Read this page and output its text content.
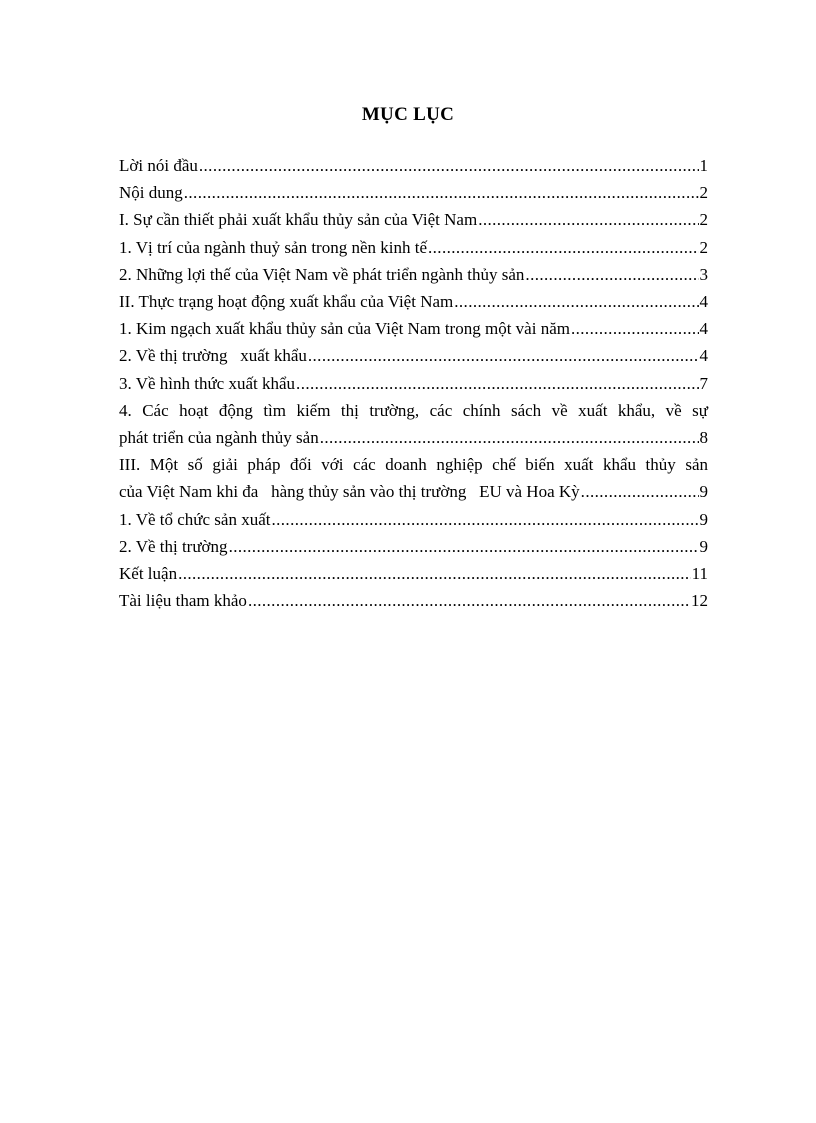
MỤC LỤC
Lời nói đầu .....	1
Nội dung .....	2
I. Sự cần thiết phải xuất khẩu thủy sản của Việt Nam .....	2
1. Vị trí của ngành thuỷ sản trong nền kinh tế .....	2
2. Những lợi thế của Việt Nam về phát triển ngành thủy sản .....	3
II. Thực trạng hoạt động xuất khẩu của Việt Nam .....	4
1. Kim ngạch xuất khẩu thủy sản của Việt Nam trong một vài năm .....	4
2. Về thị trường   xuất khẩu .....	4
3. Về hình thức xuất khẩu .....	7
4. Các hoạt động tìm kiếm thị trường, các chính sách về xuất khẩu, về sự
phát triển của ngành thủy sản .....	8
III. Một số giải pháp đối với các doanh nghiệp chế biến xuất khẩu thủy sản
của Việt Nam khi đa   hàng thủy sản vào thị trường   EU và Hoa Kỳ .....	9
1. Về tổ chức sản xuất .....	9
2. Về thị trường .....	9
Kết luận .....	11
Tài liệu tham khảo .....	12
